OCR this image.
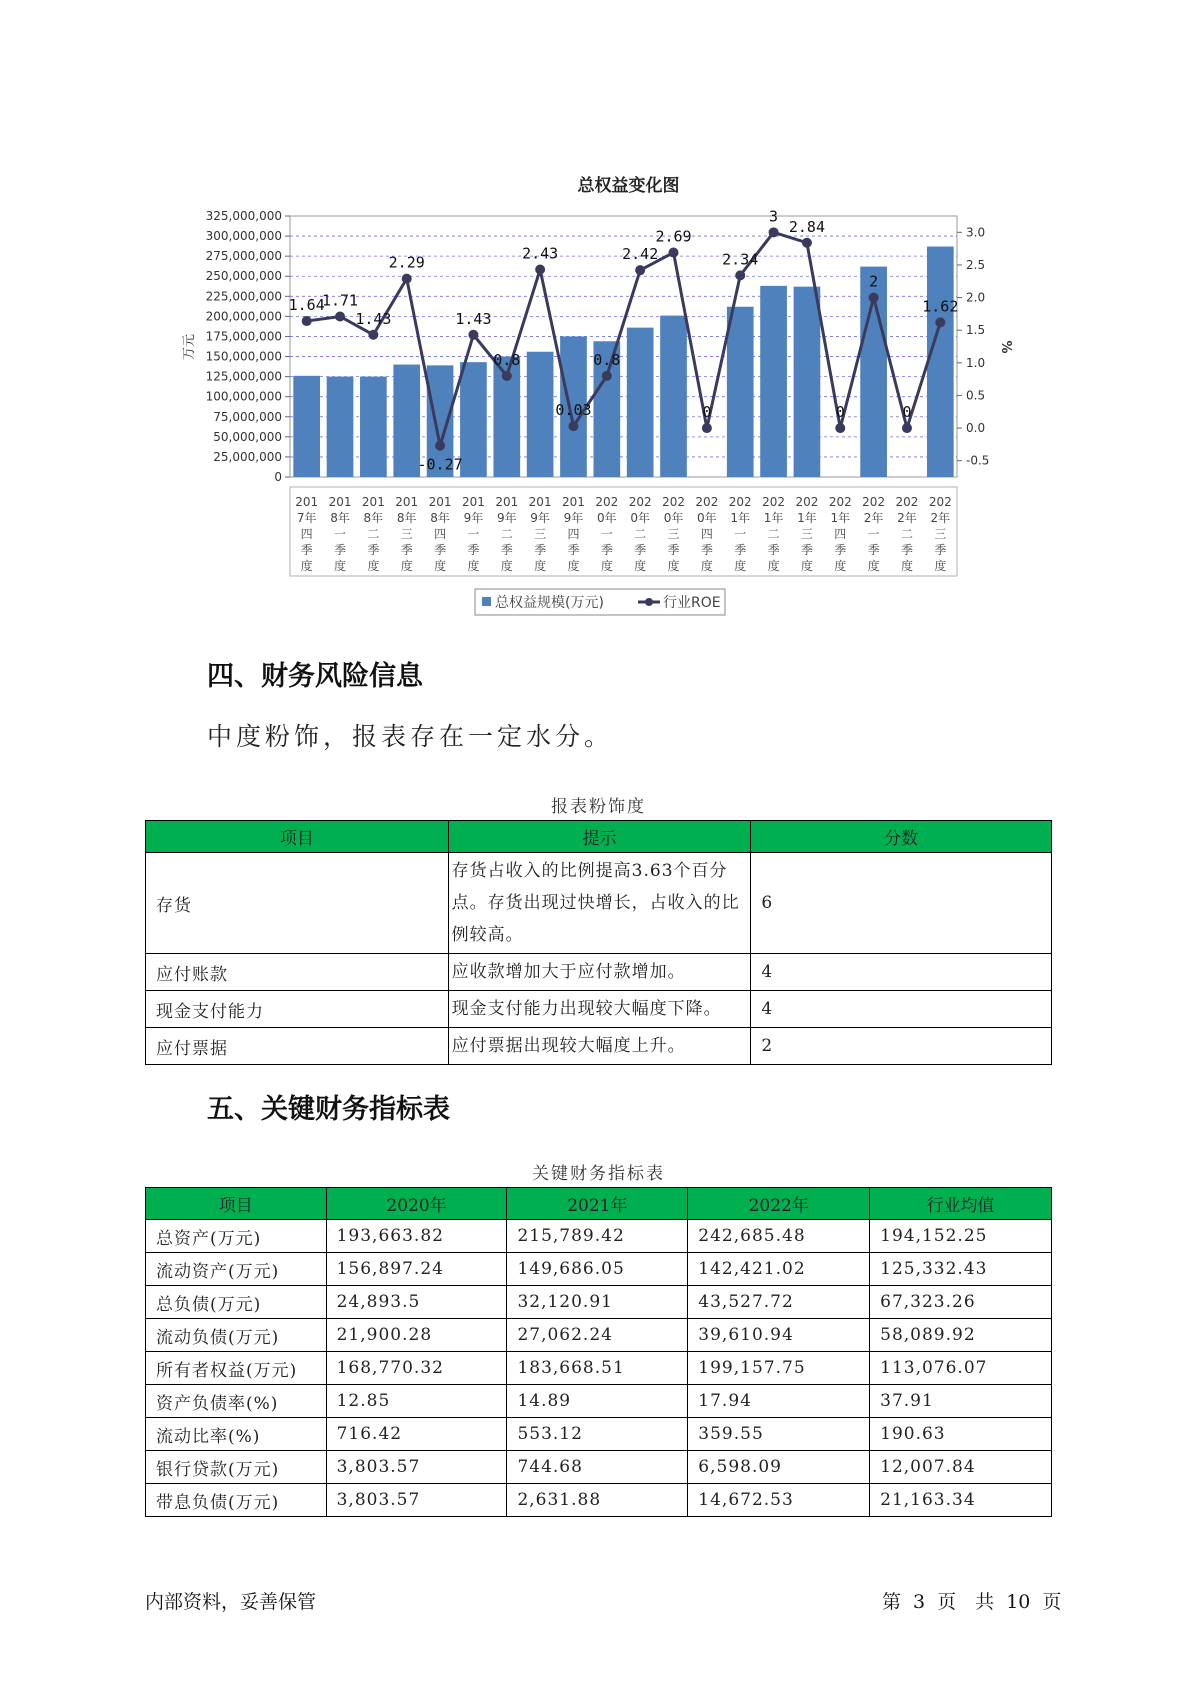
总权益变化图
0
25,000,000
50,000,000
75,000,000
100,000,000
125,000,000
150,000,000
175,000,000
200,000,000
225,000,000
250,000,000
275,000,000
300,000,000
325,000,000
-0.5
0.0
0.5
1.0
1.5
2.0
2.5
3.0
万元	%
201
7年
四
季
度
201
8年
一
季
度
201
8年
二
季
度
201
8年
三
季
度
201
8年
四
季
度
201
9年
一
季
度
201
9年
二
季
度
201
9年
三
季
度
201
9年
四
季
度
202
0年
一
季
度
202
0年
二
季
度
202
0年
三
季
度
202
0年
四
季
度
202
1年
一
季
度
202
1年
二
季
度
202
1年
三
季
度
202
1年
四
季
度
202
2年
一
季
度
202
2年
二
季
度
202
2年
三
季
度
1.64
1.71
1.43
2.29
-0.27
1.43
0.8
2.43
0.03
0.8
2.42
2.69
0
2.34
3
2.84
0
2
0
1.62
总权益规模(万元)	行业ROE
四、财务风险信息

中度粉饰，报表存在一定水分。

报表粉饰度
项目	提示	分数
存货	存货占收入的比例提高3.63个百分点。存货出现过快增长，占收入的比例较高。	6
应付账款	应收款增加大于应付款增加。	4
现金支付能力	现金支付能力出现较大幅度下降。	4
应付票据	应付票据出现较大幅度上升。	2
五、关键财务指标表
关键财务指标表
项目	2020年	2021年	2022年	行业均值
总资产(万元)	193,663.82	215,789.42	242,685.48	194,152.25
流动资产(万元)	156,897.24	149,686.05	142,421.02	125,332.43
总负债(万元)	24,893.5	32,120.91	43,527.72	67,323.26
流动负债(万元)	21,900.28	27,062.24	39,610.94	58,089.92
所有者权益(万元)	168,770.32	183,668.51	199,157.75	113,076.07
资产负债率(%)	12.85	14.89	17.94	37.91
流动比率(%)	716.42	553.12	359.55	190.63
银行贷款(万元)	3,803.57	744.68	6,598.09	12,007.84
带息负债(万元)	3,803.57	2,631.88	14,672.53	21,163.34
内部资料，妥善保管	第 3 页　共 10 页
